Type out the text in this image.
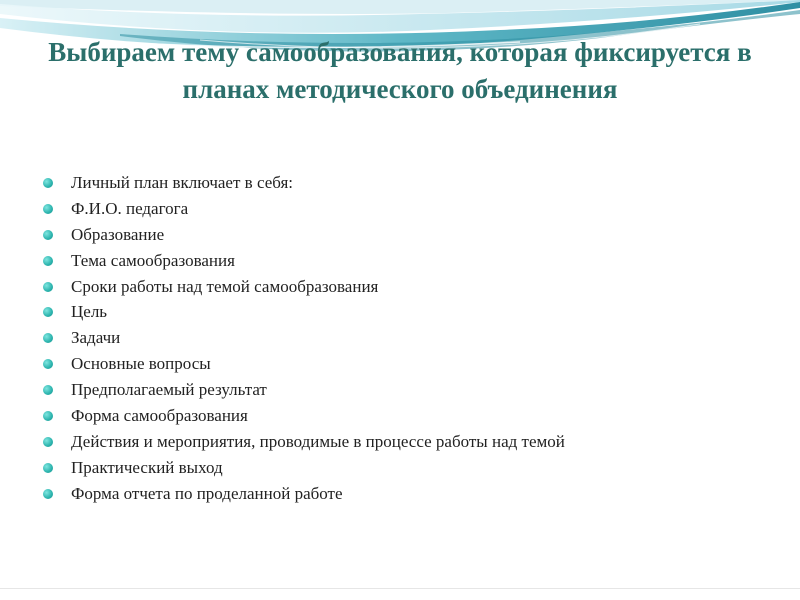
Выбираем тему самообразования, которая фиксируется в планах методического объединения
Личный план включает в себя:
Ф.И.О. педагога
Образование
Тема самообразования
Сроки работы над темой самообразования
Цель
Задачи
Основные вопросы
Предполагаемый результат
Форма самообразования
Действия и мероприятия, проводимые в процессе работы над темой
Практический выход
Форма отчета по проделанной работе
